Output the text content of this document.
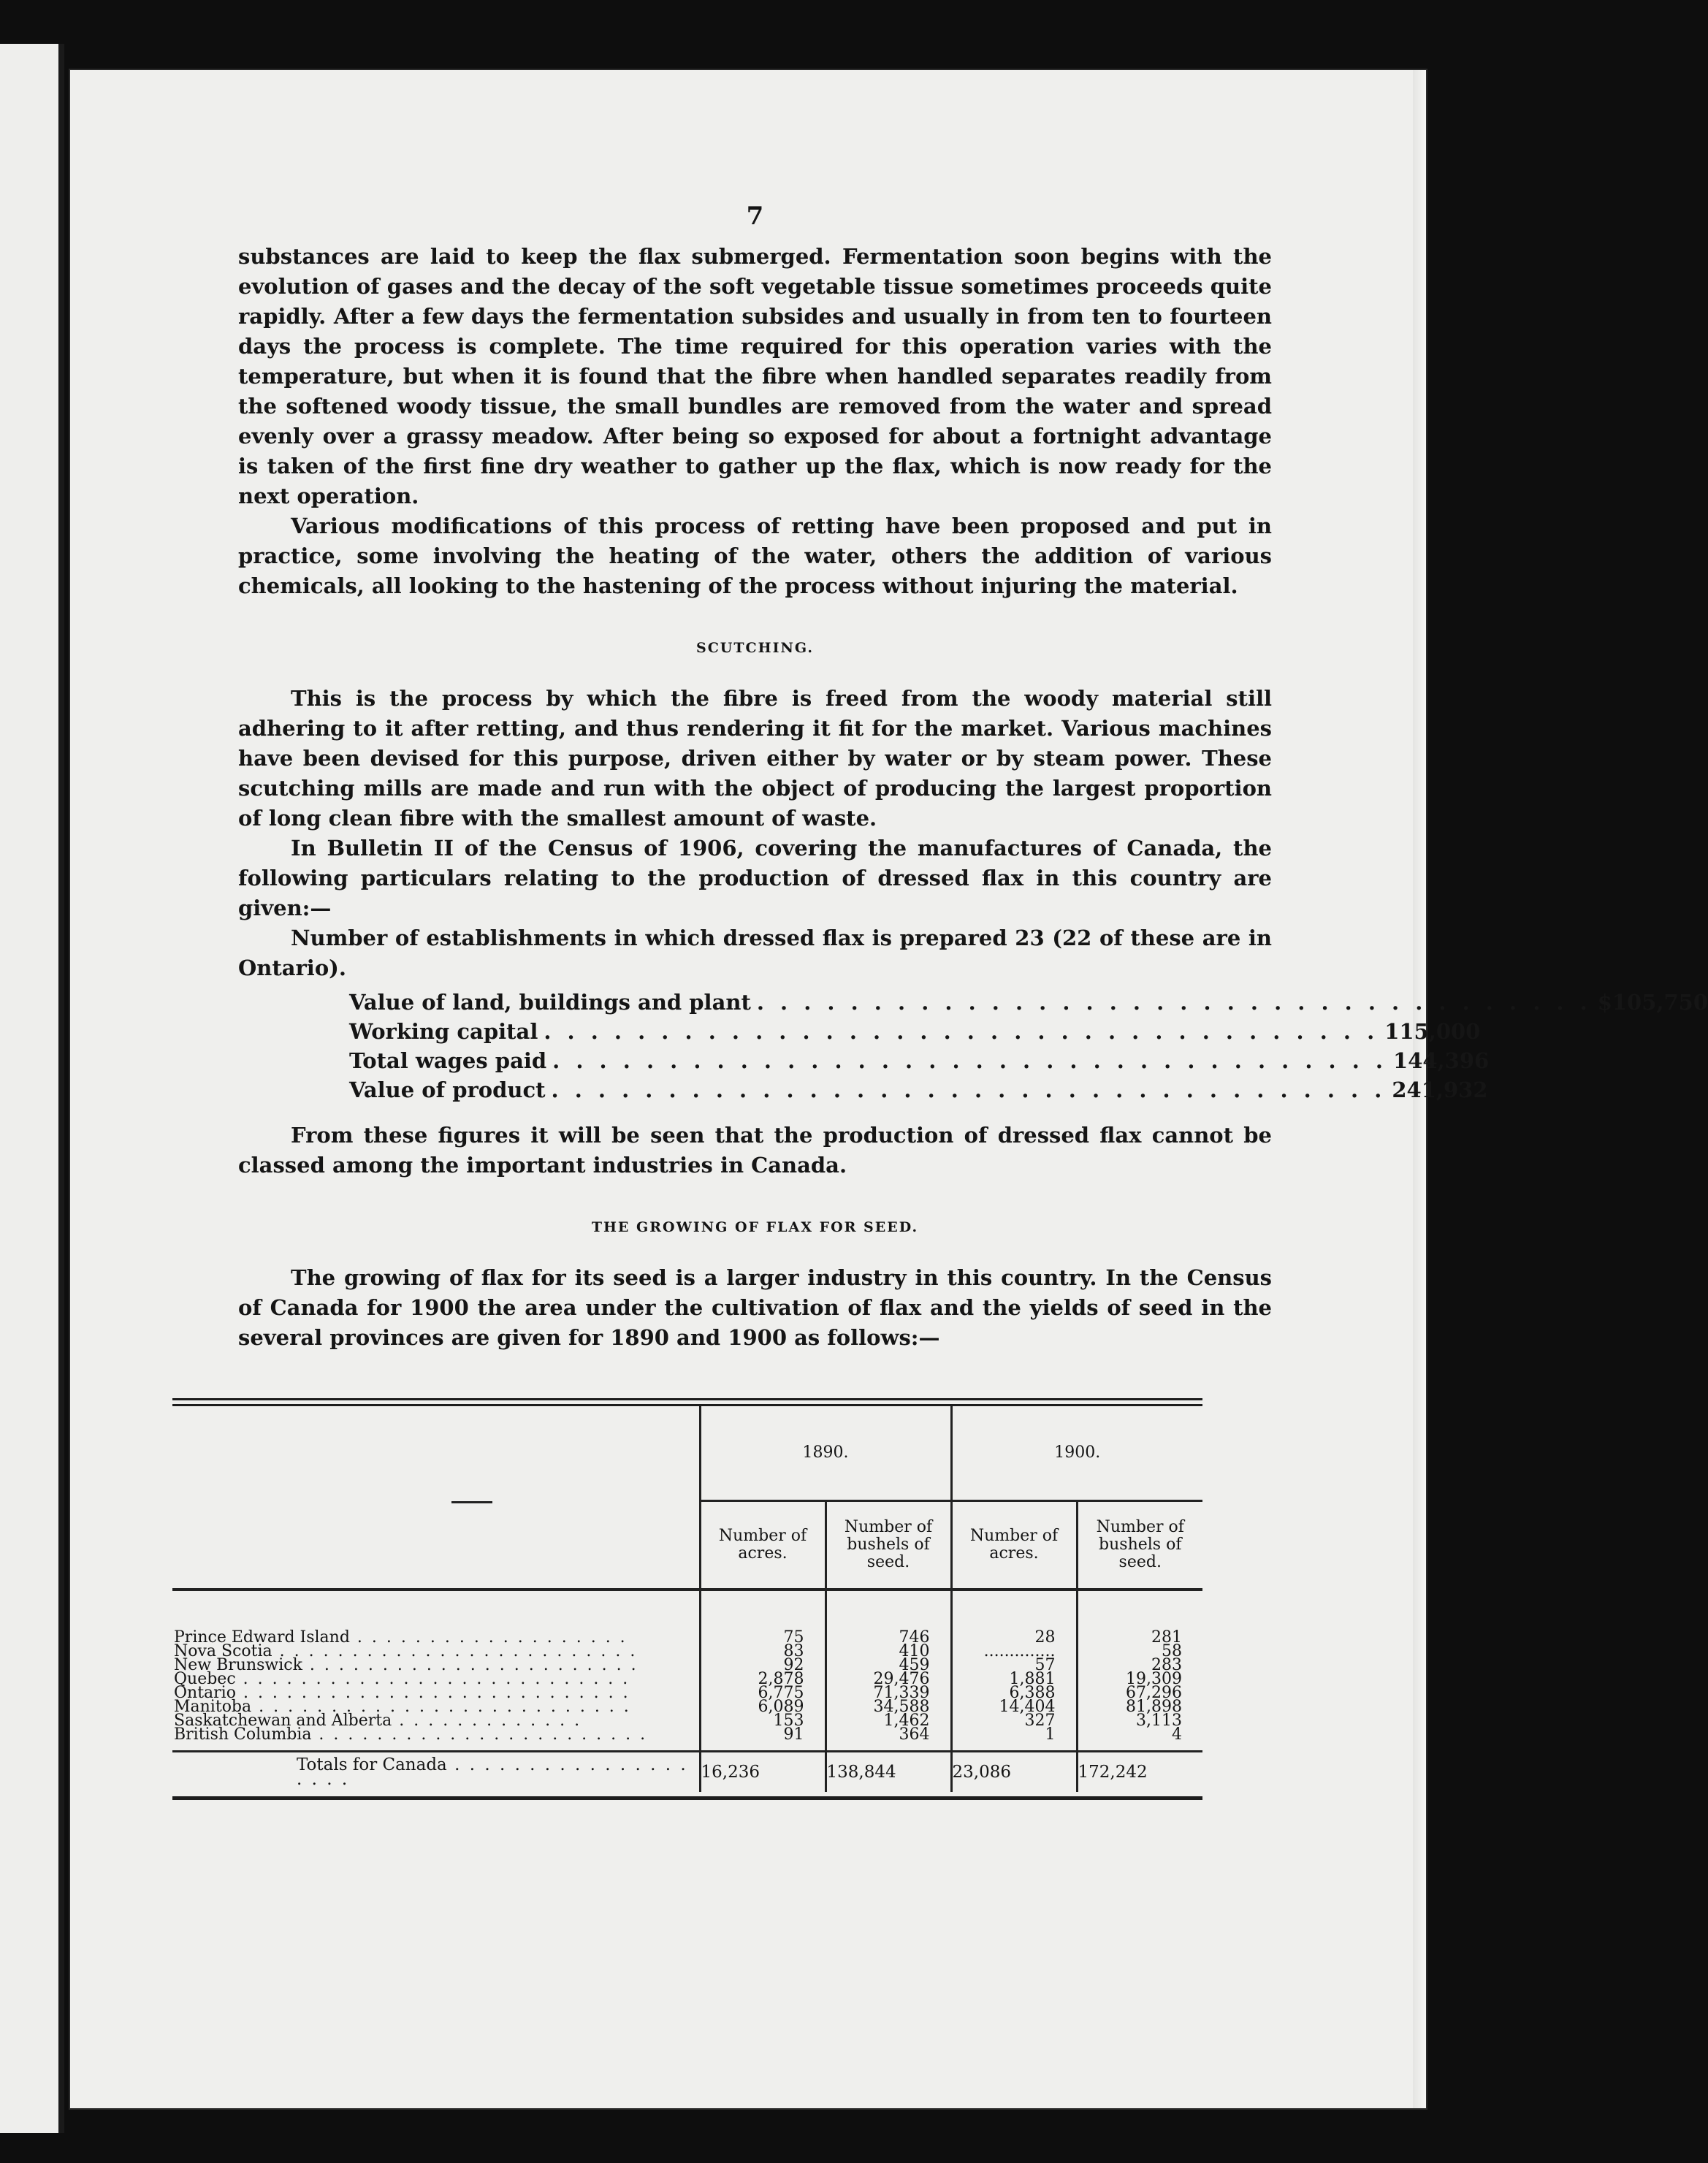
7

substances are laid to keep the flax submerged. Fermentation soon begins with the evolution of gases and the decay of the soft vegetable tissue sometimes proceeds quite rapidly. After a few days the fermentation subsides and usually in from ten to fourteen days the process is complete. The time required for this operation varies with the temperature, but when it is found that the fibre when handled separates readily from the softened woody tissue, the small bundles are removed from the water and spread evenly over a grassy meadow. After being so exposed for about a fortnight advantage is taken of the first fine dry weather to gather up the flax, which is now ready for the next operation.

Various modifications of this process of retting have been proposed and put in practice, some involving the heating of the water, others the addition of various chemicals, all looking to the hastening of the process without injuring the material.

SCUTCHING.

This is the process by which the fibre is freed from the woody material still adhering to it after retting, and thus rendering it fit for the market. Various machines have been devised for this purpose, driven either by water or by steam power. These scutching mills are made and run with the object of producing the largest proportion of long clean fibre with the smallest amount of waste.

In Bulletin II of the Census of 1906, covering the manufactures of Canada, the following particulars relating to the production of dressed flax in this country are given:—

Number of establishments in which dressed flax is prepared 23 (22 of these are in Ontario).

Value of land, buildings and plant . . . . . . . . . . . . . . . . . . . . . . . . . . . . . . . . . . . . $105,750
Working capital . . . . . . . . . . . . . . . . . . . . . . . . . . . . . . . . . . . . 115,000
Total wages paid . . . . . . . . . . . . . . . . . . . . . . . . . . . . . . . . . . . . 144,396
Value of product . . . . . . . . . . . . . . . . . . . . . . . . . . . . . . . . . . . . 241,932

From these figures it will be seen that the production of dressed flax cannot be classed among the important industries in Canada.

THE GROWING OF FLAX FOR SEED.

The growing of flax for its seed is a larger industry in this country. In the Census of Canada for 1900 the area under the cultivation of flax and the yields of seed in the several provinces are given for 1890 and 1900 as follows:—

	1890.		1900.	
	Number of acres.	Number of bushels of seed.	Number of acres.	Number of bushels of seed.

Prince Edward Island . . . . . . . . . . . . . . . . . . .	75	746	28	281
Nova Scotia . . . . . . . . . . . . . . . . . . . . . . . . .	83	410	..............	58
New Brunswick . . . . . . . . . . . . . . . . . . . . . . .	92	459	57	283
Quebec . . . . . . . . . . . . . . . . . . . . . . . . . . .	2,878	29,476	1,881	19,309
Ontario . . . . . . . . . . . . . . . . . . . . . . . . . . .	6,775	71,339	6,388	67,296
Manitoba . . . . . . . . . . . . . . . . . . . . . . . . . .	6,089	34,588	14,404	81,898
Saskatchewan and Alberta . . . . . . . . . . . . .	153	1,462	327	3,113
British Columbia . . . . . . . . . . . . . . . . . . . . . . .	91	364	1	4
Totals for Canada . . . . . . . . . . . . . . . . . . . .	16,236	138,844	23,086	172,242
